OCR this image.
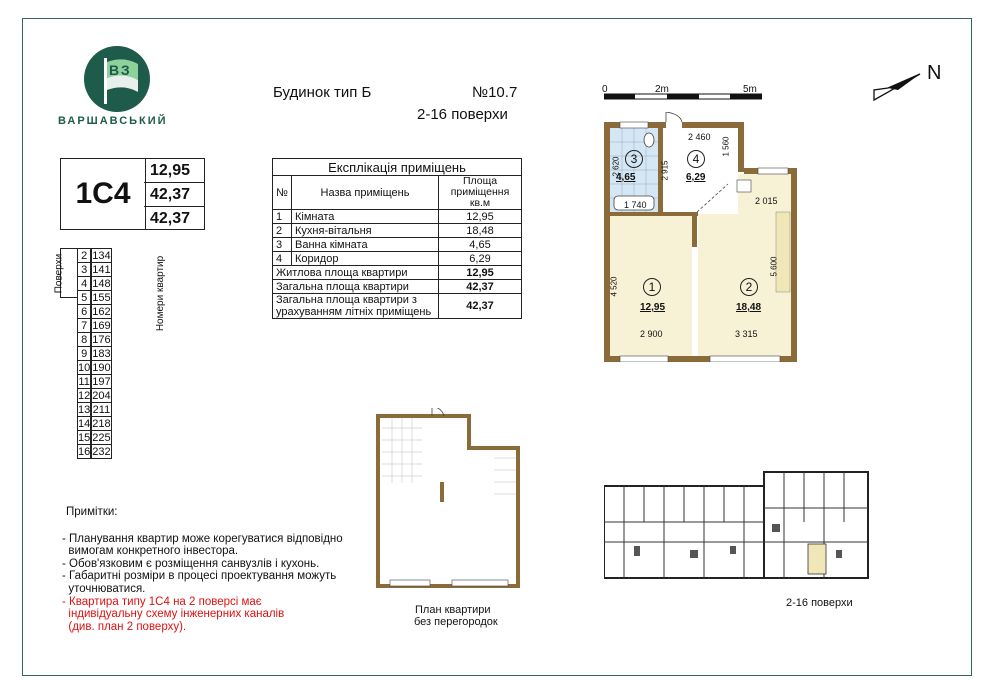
ВЗ
ВАРШАВСЬКИЙ
Будинок тип Б	№10.7
2-16 поверхи
1С4
12,95
42,37
42,37
Поверхи	Номери квартир
2		134
3		141
4		148
5		155
6		162
7		169
8		176
9		183
10		190
11		197
12		204
13		211
14		218
15		225
16		232
Експлікація приміщень		
№	Назва приміщень	Площа приміщення кв.м
1	Кімната	12,95
2	Кухня-вітальня	18,48
3	Ванна кімната	4,65
4	Коридор	6,29
Житлова площа квартири		12,95
Загальна площа квартири		42,37
Загальна площа квартири з урахуванням літніх приміщень		42,37
0	2m	5m
N
2 460 1 560
2 915
2 620
1 740	2 015
4 520
5 600
2 900	3 315
3
4,65
4
6,29
1
12,95
2
18,48
План квартири
без перегородок
2-16 поверхи
Примітки:
- Планування квартир може корегуватися відповідно
вимогам конкретного інвестора.
- Обов'язковим є розміщення санвузлів і кухонь.
- Габаритні розміри в процесі проектування можуть
уточнюватися.
- Квартира типу 1С4 на 2 поверсі має
індивідуальну схему інженерних каналів
(див. план 2 поверху).
